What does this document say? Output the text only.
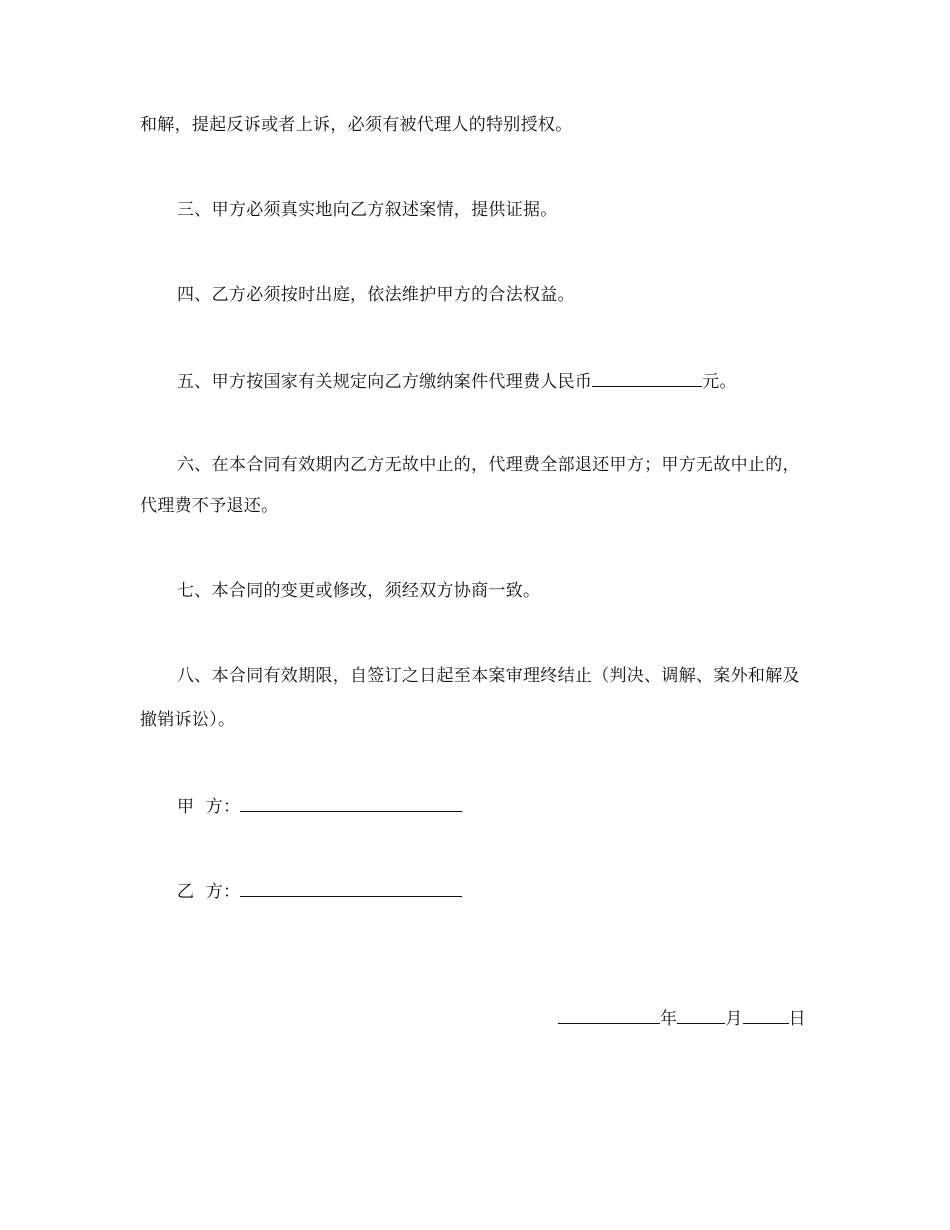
和解，提起反诉或者上诉，必须有被代理人的特别授权。
三、甲方必须真实地向乙方叙述案情，提供证据。
四、乙方必须按时出庭，依法维护甲方的合法权益。
五、甲方按国家有关规定向乙方缴纳案件代理费人民币	元。
六、在本合同有效期内乙方无故中止的，代理费全部退还甲方；甲方无故中止的，
代理费不予退还。
七、本合同的变更或修改，须经双方协商一致。
八、本合同有效期限，自签订之日起至本案审理终结止（判决、调解、案外和解及
撤销诉讼）。
甲  方：
乙  方：
年	月	日
